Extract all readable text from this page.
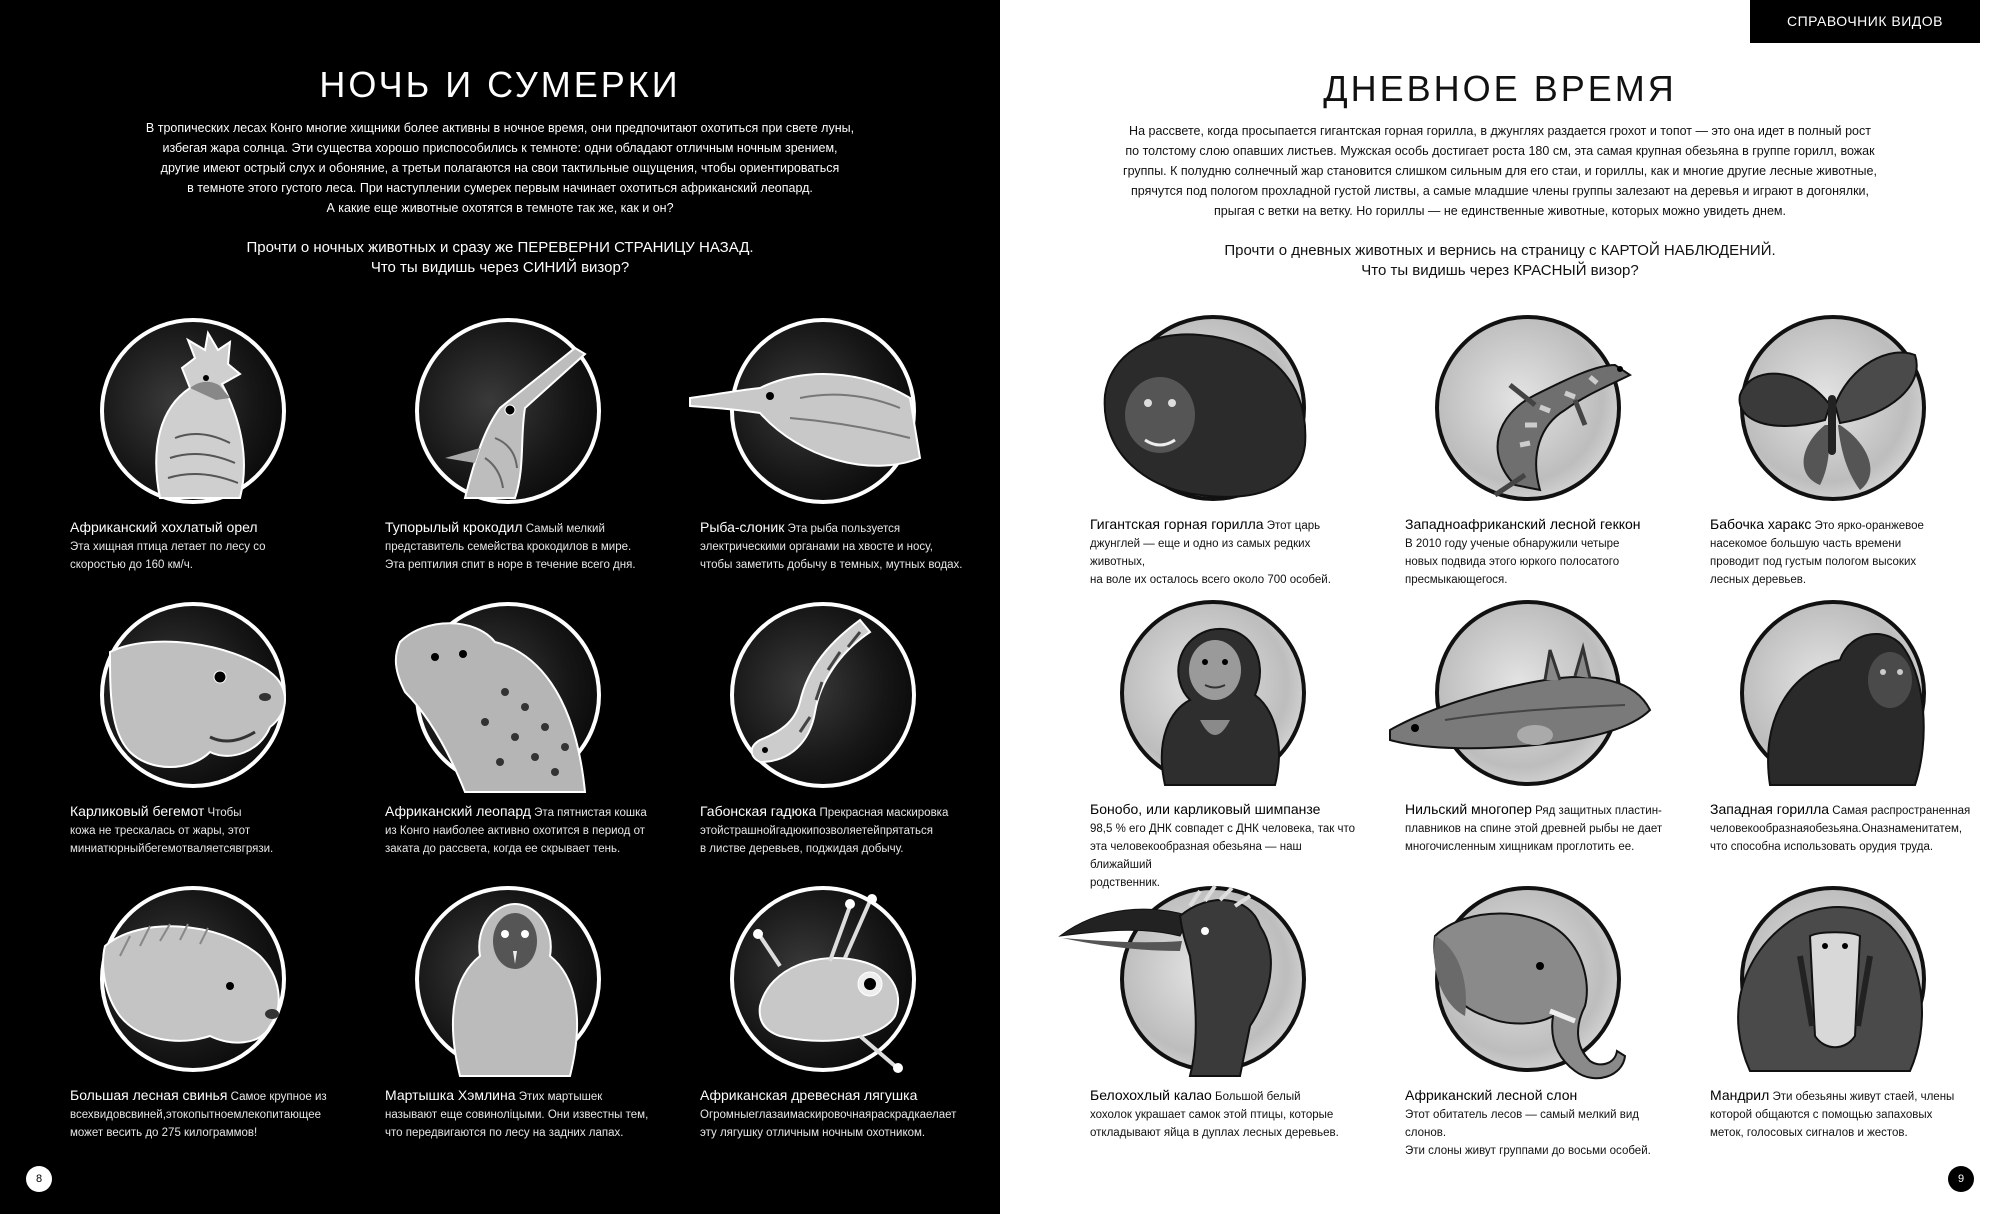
НОЧЬ И СУМЕРКИ
В тропических лесах Конго многие хищники более активны в ночное время, они предпочитают охотиться при свете луны,
избегая жара солнца. Эти существа хорошо приспособились к темноте: одни обладают отличным ночным зрением,
другие имеют острый слух и обоняние, а третьи полагаются на свои тактильные ощущения, чтобы ориентироваться
в темноте этого густого леса. При наступлении сумерек первым начинает охотиться африканский леопард.
А какие еще животные охотятся в темноте так же, как и он?
Прочти о ночных животных и сразу же ПЕРЕВЕРНИ СТРАНИЦУ НАЗАД.
Что ты видишь через СИНИЙ визор?
Африканский хохлатый орел
Эта хищная птица летает по лесу со
скоростью до 160 км/ч.
Тупорылый крокодил Самый мелкий
представитель семейства крокодилов в мире.
Эта рептилия спит в норе в течение всего дня.
Рыба-слоник Эта рыба пользуется
электрическими органами на хвосте и носу,
чтобы заметить добычу в темных, мутных водах.
Карликовый бегемот Чтобы
кожа не трескалась от жары, этот
миниатюрныйбегемотваляетсявгрязи.
Африканский леопард Эта пятнистая кошка
из Конго наиболее активно охотится в период от
заката до рассвета, когда ее скрывает тень.
Габонская гадюка Прекрасная маскировка
этойстрашнойгадюкипозволяетейпрятаться
в листве деревьев, поджидая добычу.
Большая лесная свинья Самое крупное из
всехвидовсвиней,этокопытноемлекопитающее
может весить до 275 килограммов!
Мартышка Хэмлина Этих мартышек
называют еще совиноліцыми. Они известны тем,
что передвигаются по лесу на задних лапах.
Африканская древесная лягушка
Огромныеглазаимаскировочнаяраскрадкаелает
эту лягушку отличным ночным охотником.
8
СПРАВОЧНИК ВИДОВ
ДНЕВНОЕ ВРЕМЯ
На рассвете, когда просыпается гигантская горная горилла, в джунглях раздается грохот и топот — это она идет в полный рост
по толстому слою опавших листьев. Мужская особь достигает роста 180 см, эта самая крупная обезьяна в группе горилл, вожак
группы. К полудню солнечный жар становится слишком сильным для его стаи, и гориллы, как и многие другие лесные животные,
прячутся под пологом прохладной густой листвы, а самые младшие члены группы залезают на деревья и играют в догонялки,
прыгая с ветки на ветку. Но гориллы — не единственные животные, которых можно увидеть днем.
Прочти о дневных животных и вернись на страницу с КАРТОЙ НАБЛЮДЕНИЙ.
Что ты видишь через КРАСНЫЙ визор?
Гигантская горная горилла Этот царь
джунглей — еще и одно из самых редких животных,
на воле их осталось всего около 700 особей.
Западноафриканский лесной геккон
В 2010 году ученые обнаружили четыре
новых подвида этого юркого полосатого
пресмыкающегося.
Бабочка харакс Это ярко-оранжевое
насекомое большую часть времени
проводит под густым пологом высоких
лесных деревьев.
Бонобо, или карликовый шимпанзе
98,5 % его ДНК совпадет с ДНК человека, так что
эта человекообразная обезьяна — наш ближайший
родственник.
Нильский многопер Ряд защитных пластин-
плавников на спине этой древней рыбы не дает
многочисленным хищникам проглотить ее.
Западная горилла Самая распространенная
человекообразнаяобезьяна.Оназнаменитатем,
что способна использовать орудия труда.
Белохохлый калао Большой белый
хохолок украшает самок этой птицы, которые
откладывают яйца в дуплах лесных деревьев.
Африканский лесной слон
Этот обитатель лесов — самый мелкий вид слонов.
Эти слоны живут группами до восьми особей.
Мандрил Эти обезьяны живут стаей, члены
которой общаются с помощью запаховых
меток, голосовых сигналов и жестов.
9
